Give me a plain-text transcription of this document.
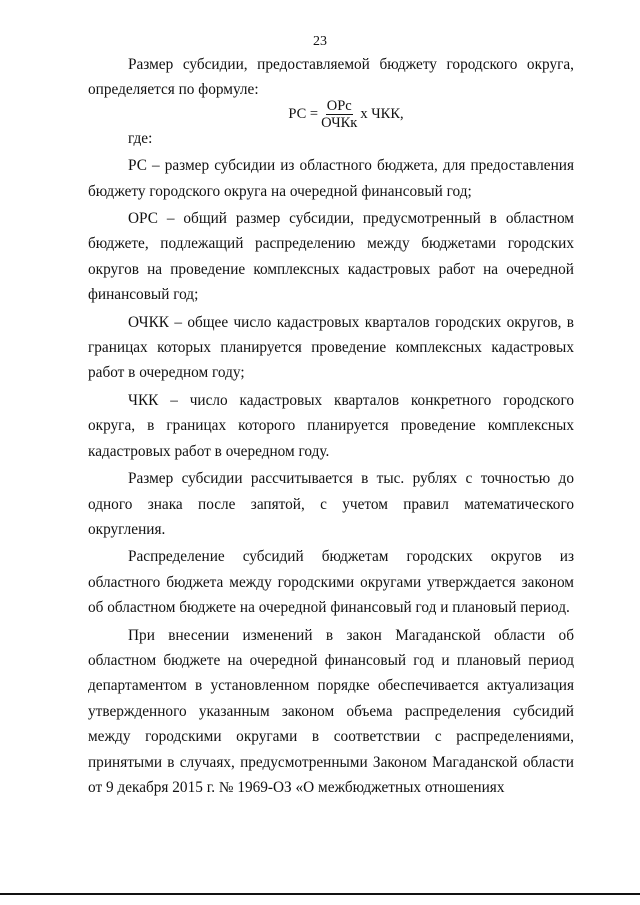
23

Размер субсидии, предоставляемой бюджету городского округа, определяется по формуле:

РС = $\frac{\text{ОРс}}{\text{ОЧКк}}$ х ЧКК,

где:

РС – размер субсидии из областного бюджета, для предоставления бюджету городского округа на очередной финансовый год;

ОРС – общий размер субсидии, предусмотренный в областном бюджете, подлежащий распределению между бюджетами городских округов на проведение комплексных кадастровых работ на очередной финансовый год;

ОЧКК – общее число кадастровых кварталов городских округов, в границах которых планируется проведение комплексных кадастровых работ в очередном году;

ЧКК – число кадастровых кварталов конкретного городского округа, в границах которого планируется проведение комплексных кадастровых работ в очередном году.

Размер субсидии рассчитывается в тыс. рублях с точностью до одного знака после запятой, с учетом правил математического округления.

Распределение субсидий бюджетам городских округов из областного бюджета между городскими округами утверждается законом об областном бюджете на очередной финансовый год и плановый период.

При внесении изменений в закон Магаданской области об областном бюджете на очередной финансовый год и плановый период департаментом в установленном порядке обеспечивается актуализация утвержденного указанным законом объема распределения субсидий между городскими округами в соответствии с распределениями, принятыми в случаях, предусмотренными Законом Магаданской области от 9 декабря 2015 г. № 1969-ОЗ «О межбюджетных отношениях
